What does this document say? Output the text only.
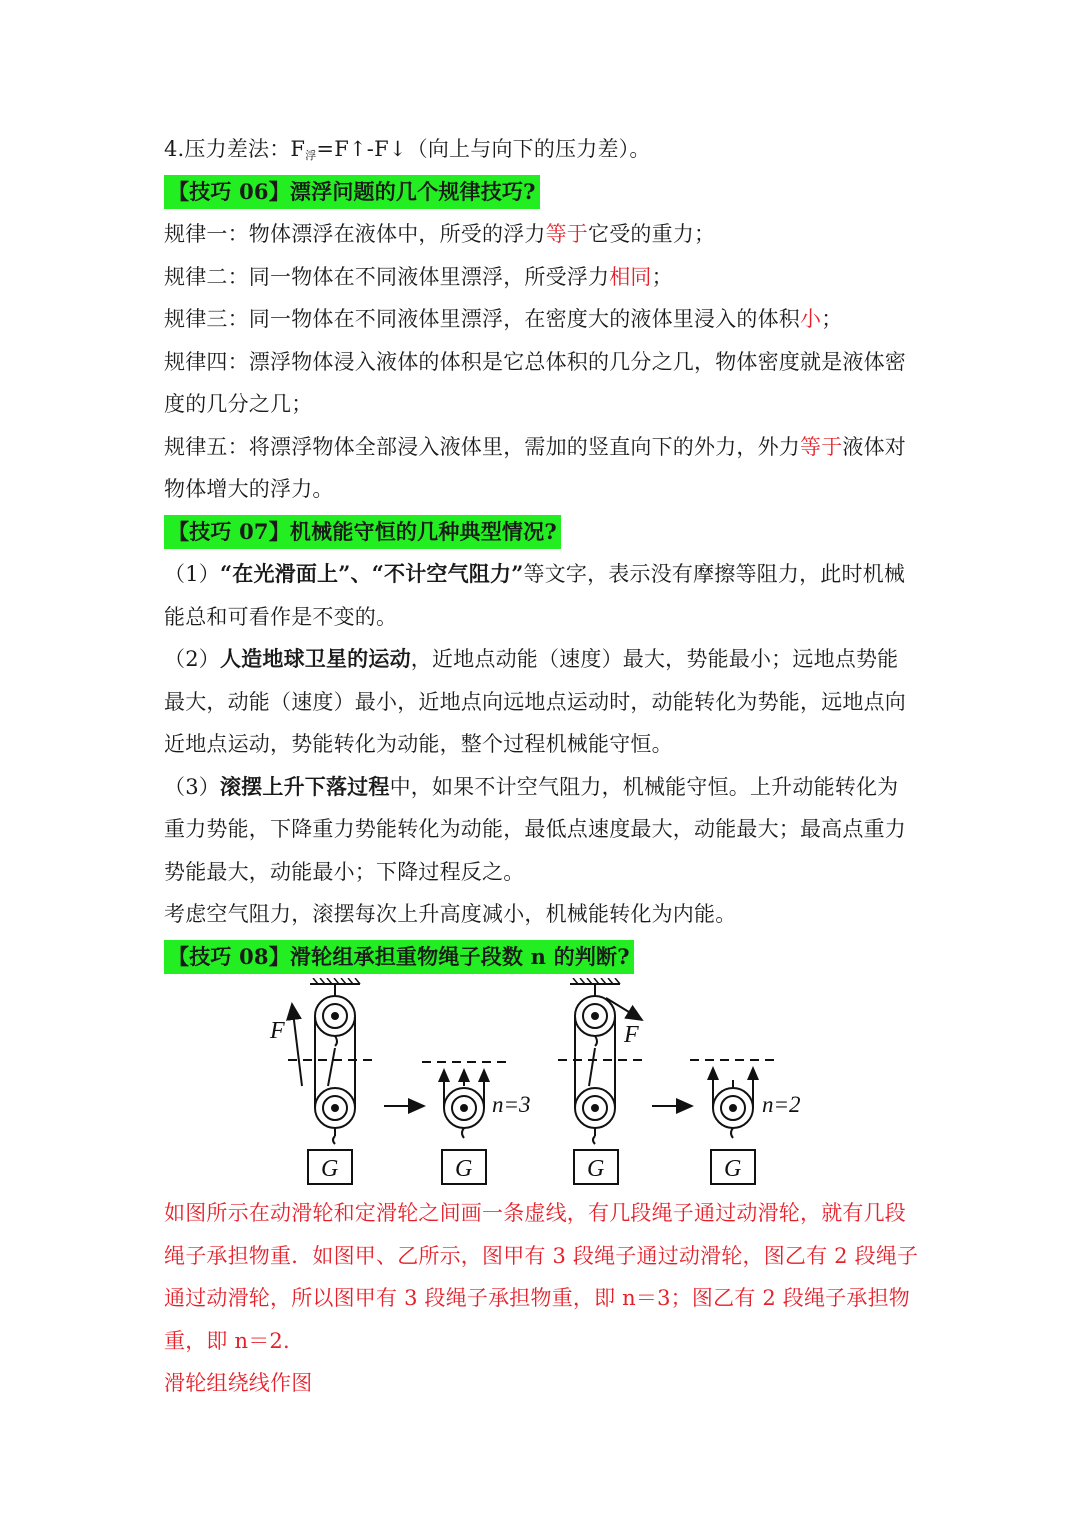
4.压力差法：$F_浮=F↑-F↓$（向上与向下的压力差）。
【技巧 06】漂浮问题的几个规律技巧?
规律一：物体漂浮在液体中，所受的浮力等于它受的重力；
规律二：同一物体在不同液体里漂浮，所受浮力相同；
规律三：同一物体在不同液体里漂浮，在密度大的液体里浸入的体积小；
规律四：漂浮物体浸入液体的体积是它总体积的几分之几，物体密度就是液体密
度的几分之几；
规律五：将漂浮物体全部浸入液体里，需加的竖直向下的外力，外力等于液体对
物体增大的浮力。
【技巧 07】机械能守恒的几种典型情况?
（1）“在光滑面上”、“不计空气阻力”等文字，表示没有摩擦等阻力，此时机械
能总和可看作是不变的。
（2）人造地球卫星的运动，近地点动能（速度）最大，势能最小；远地点势能
最大，动能（速度）最小，近地点向远地点运动时，动能转化为势能，远地点向
近地点运动，势能转化为动能，整个过程机械能守恒。
（3）滚摆上升下落过程中，如果不计空气阻力，机械能守恒。上升动能转化为
重力势能，下降重力势能转化为动能，最低点速度最大，动能最大；最高点重力
势能最大，动能最小；下降过程反之。
考虑空气阻力，滚摆每次上升高度减小，机械能转化为内能。
【技巧 08】滑轮组承担重物绳子段数 n 的判断?
G	G	G	G
F	F
n=3	n=2
如图所示在动滑轮和定滑轮之间画一条虚线，有几段绳子通过动滑轮，就有几段
绳子承担物重．如图甲、乙所示，图甲有 3 段绳子通过动滑轮，图乙有 2 段绳子
通过动滑轮，所以图甲有 3 段绳子承担物重，即 n＝3；图乙有 2 段绳子承担物
重，即 n＝2.
滑轮组绕线作图
